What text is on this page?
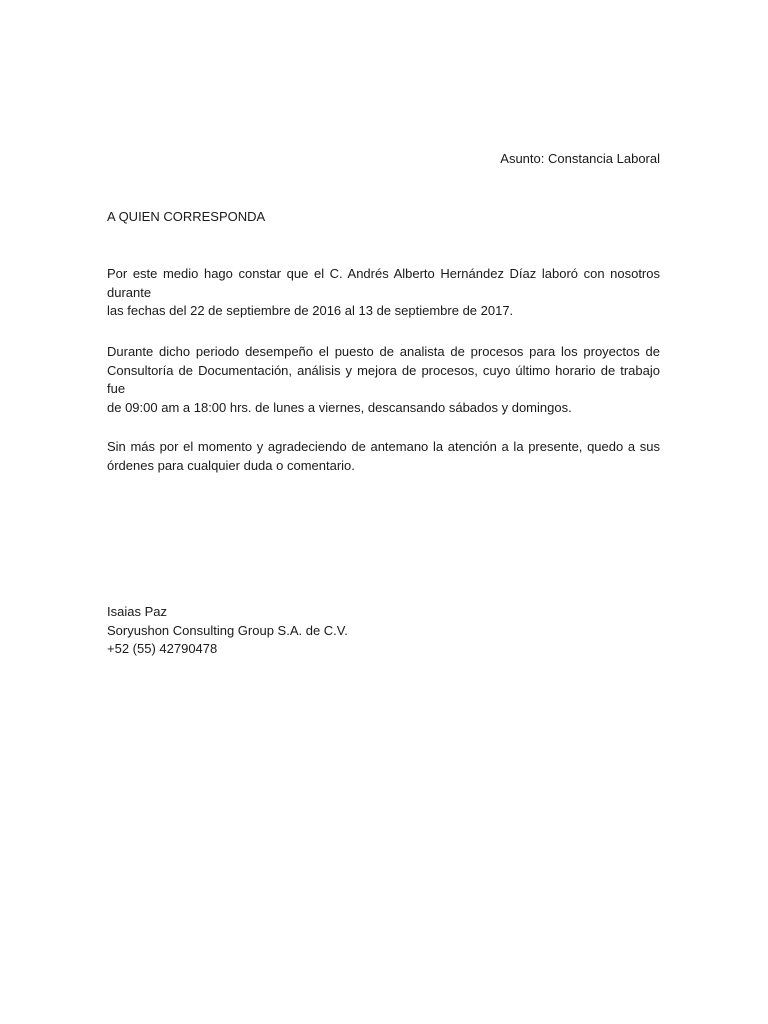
Asunto: Constancia Laboral
A QUIEN CORRESPONDA
Por este medio hago constar que el C. Andrés Alberto Hernández Díaz laboró con nosotros durante
las fechas del 22 de septiembre de 2016 al 13 de septiembre de 2017.
Durante dicho periodo desempeño el puesto de analista de procesos para los proyectos de
Consultoría de Documentación, análisis y mejora de procesos, cuyo último horario de trabajo fue
de 09:00 am a 18:00 hrs. de lunes a viernes, descansando sábados y domingos.
Sin más por el momento y agradeciendo de antemano la atención a la presente, quedo a sus
órdenes para cualquier duda o comentario.
Isaias Paz
Soryushon Consulting Group S.A. de C.V.
+52 (55) 42790478
